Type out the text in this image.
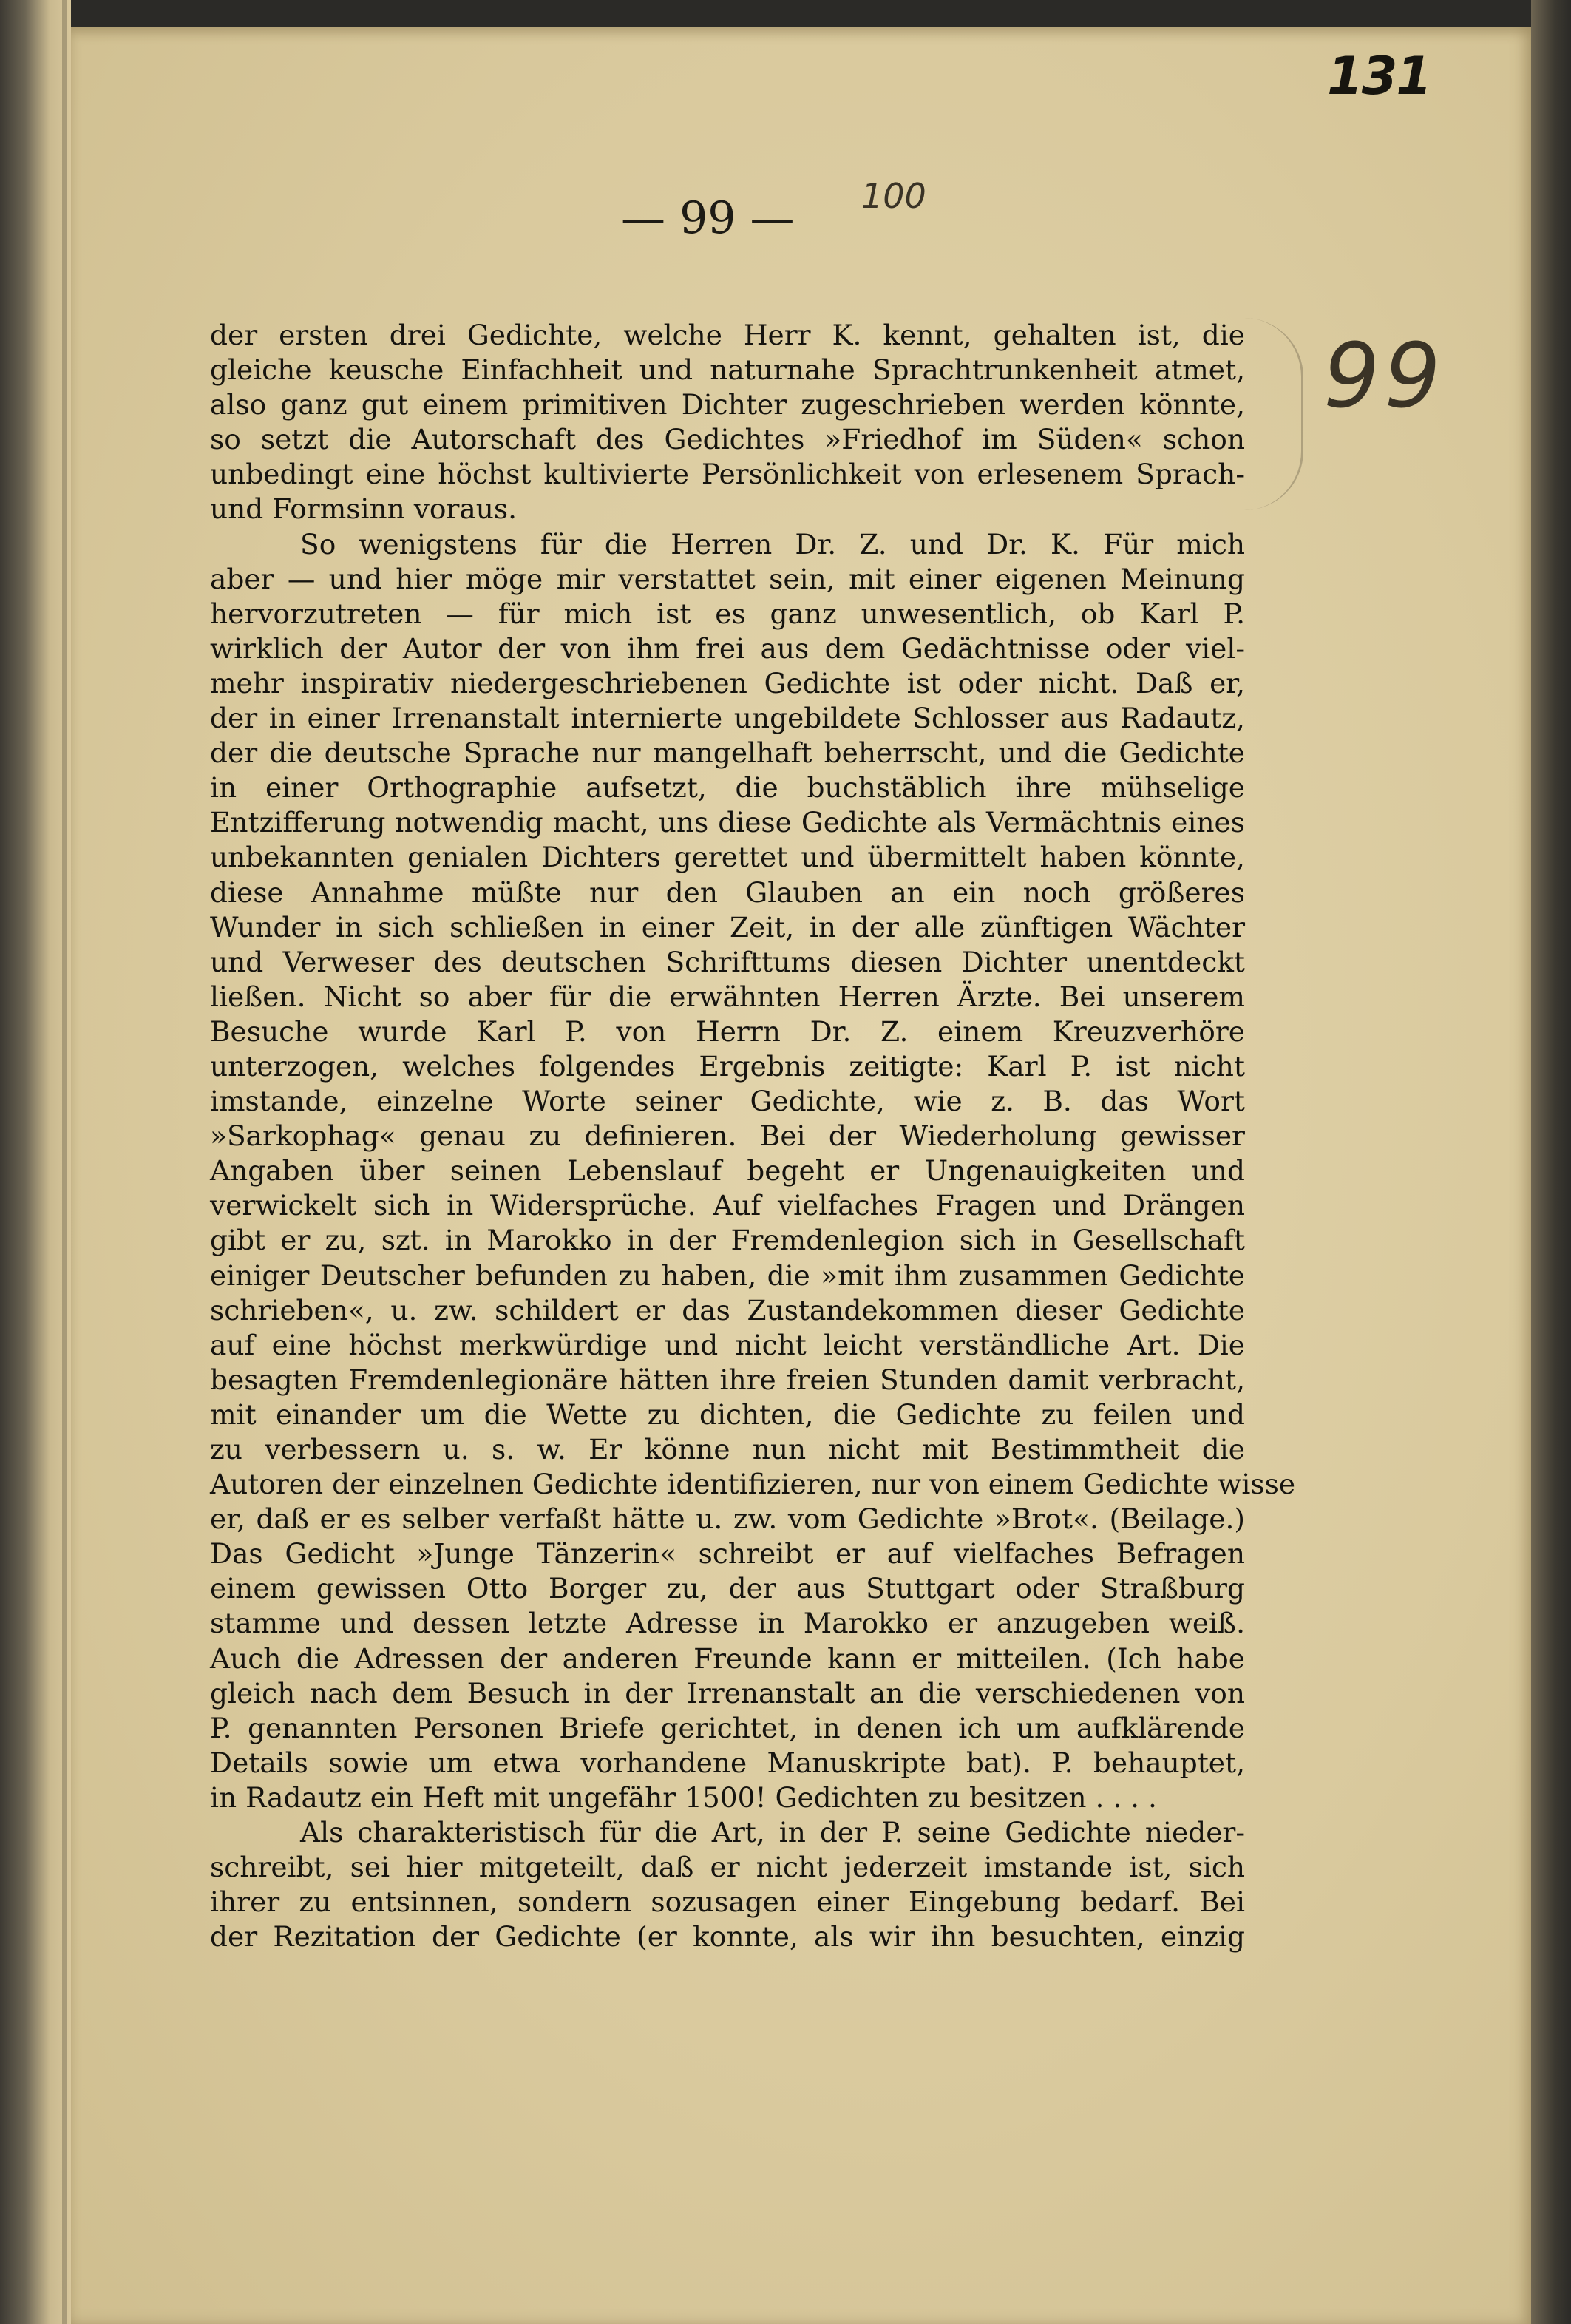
131
— 99 —	100
99
der ersten drei Gedichte, welche Herr K. kennt, gehalten ist, die
gleiche keusche Einfachheit und naturnahe Sprachtrunkenheit atmet,
also ganz gut einem primitiven Dichter zugeschrieben werden könnte,
so setzt die Autorschaft des Gedichtes »Friedhof im Süden« schon
unbedingt eine höchst kultivierte Persönlichkeit von erlesenem Sprach-
und Formsinn voraus.
So wenigstens für die Herren Dr. Z. und Dr. K. Für mich
aber — und hier möge mir verstattet sein, mit einer eigenen Meinung
hervorzutreten — für mich ist es ganz unwesentlich, ob Karl P.
wirklich der Autor der von ihm frei aus dem Gedächtnisse oder viel-
mehr inspirativ niedergeschriebenen Gedichte ist oder nicht. Daß er,
der in einer Irrenanstalt internierte ungebildete Schlosser aus Radautz,
der die deutsche Sprache nur mangelhaft beherrscht, und die Gedichte
in einer Orthographie aufsetzt, die buchstäblich ihre mühselige
Entzifferung notwendig macht, uns diese Gedichte als Vermächtnis eines
unbekannten genialen Dichters gerettet und übermittelt haben könnte,
diese Annahme müßte nur den Glauben an ein noch größeres
Wunder in sich schließen in einer Zeit, in der alle zünftigen Wächter
und Verweser des deutschen Schrifttums diesen Dichter unentdeckt
ließen. Nicht so aber für die erwähnten Herren Ärzte. Bei unserem
Besuche wurde Karl P. von Herrn Dr. Z. einem Kreuzverhöre
unterzogen, welches folgendes Ergebnis zeitigte: Karl P. ist nicht
imstande, einzelne Worte seiner Gedichte, wie z. B. das Wort
»Sarkophag« genau zu definieren. Bei der Wiederholung gewisser
Angaben über seinen Lebenslauf begeht er Ungenauigkeiten und
verwickelt sich in Widersprüche. Auf vielfaches Fragen und Drängen
gibt er zu, szt. in Marokko in der Fremdenlegion sich in Gesellschaft
einiger Deutscher befunden zu haben, die »mit ihm zusammen Gedichte
schrieben«, u. zw. schildert er das Zustandekommen dieser Gedichte
auf eine höchst merkwürdige und nicht leicht verständliche Art. Die
besagten Fremdenlegionäre hätten ihre freien Stunden damit verbracht,
mit einander um die Wette zu dichten, die Gedichte zu feilen und
zu verbessern u. s. w. Er könne nun nicht mit Bestimmtheit die
Autoren der einzelnen Gedichte identifizieren, nur von einem Gedichte wisse
er, daß er es selber verfaßt hätte u. zw. vom Gedichte »Brot«. (Beilage.)
Das Gedicht »Junge Tänzerin« schreibt er auf vielfaches Befragen
einem gewissen Otto Borger zu, der aus Stuttgart oder Straßburg
stamme und dessen letzte Adresse in Marokko er anzugeben weiß.
Auch die Adressen der anderen Freunde kann er mitteilen. (Ich habe
gleich nach dem Besuch in der Irrenanstalt an die verschiedenen von
P. genannten Personen Briefe gerichtet, in denen ich um aufklärende
Details sowie um etwa vorhandene Manuskripte bat). P. behauptet,
in Radautz ein Heft mit ungefähr 1500! Gedichten zu besitzen . . . .
Als charakteristisch für die Art, in der P. seine Gedichte nieder-
schreibt, sei hier mitgeteilt, daß er nicht jederzeit imstande ist, sich
ihrer zu entsinnen, sondern sozusagen einer Eingebung bedarf. Bei
der Rezitation der Gedichte (er konnte, als wir ihn besuchten, einzig
